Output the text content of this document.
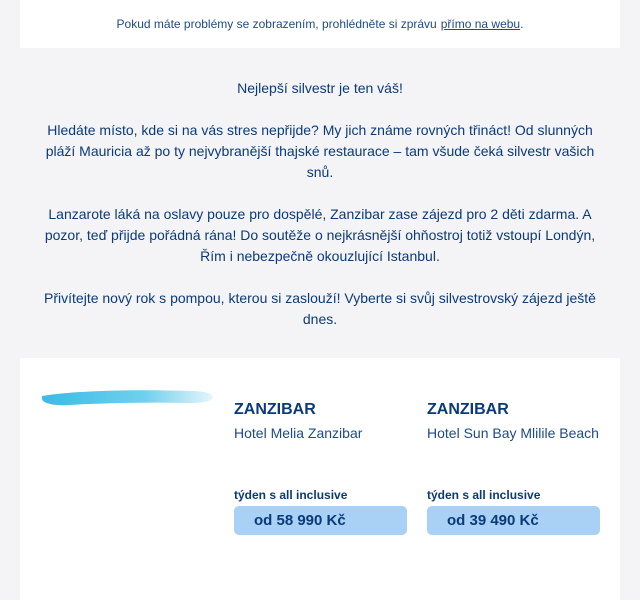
Pokud máte problémy se zobrazením, prohlédněte si zprávu přímo na webu .
Nejlepší silvestr je ten váš!
Hledáte místo, kde si na vás stres nepřijde? My jich známe rovných třináct! Od slunných pláží Mauricia až po ty nejvybranější thajské restaurace – tam všude čeká silvestr vašich snů.
Lanzarote láká na oslavy pouze pro dospělé, Zanzibar zase zájezd pro 2 děti zdarma. A pozor, teď přijde pořádná rána! Do soutěže o nejkrásnější ohňostroj totiž vstoupí Londýn, Řím i nebezpečně okouzlující Istanbul.
Přivítejte nový rok s pompou, kterou si zaslouží! Vyberte si svůj silvestrovský zájezd ještě dnes.
ZANZIBAR
Hotel Melia Zanzibar
týden s all inclusive
od 58 990 Kč
ZANZIBAR
Hotel Sun Bay Mlilile Beach
týden s all inclusive
od 39 490 Kč
